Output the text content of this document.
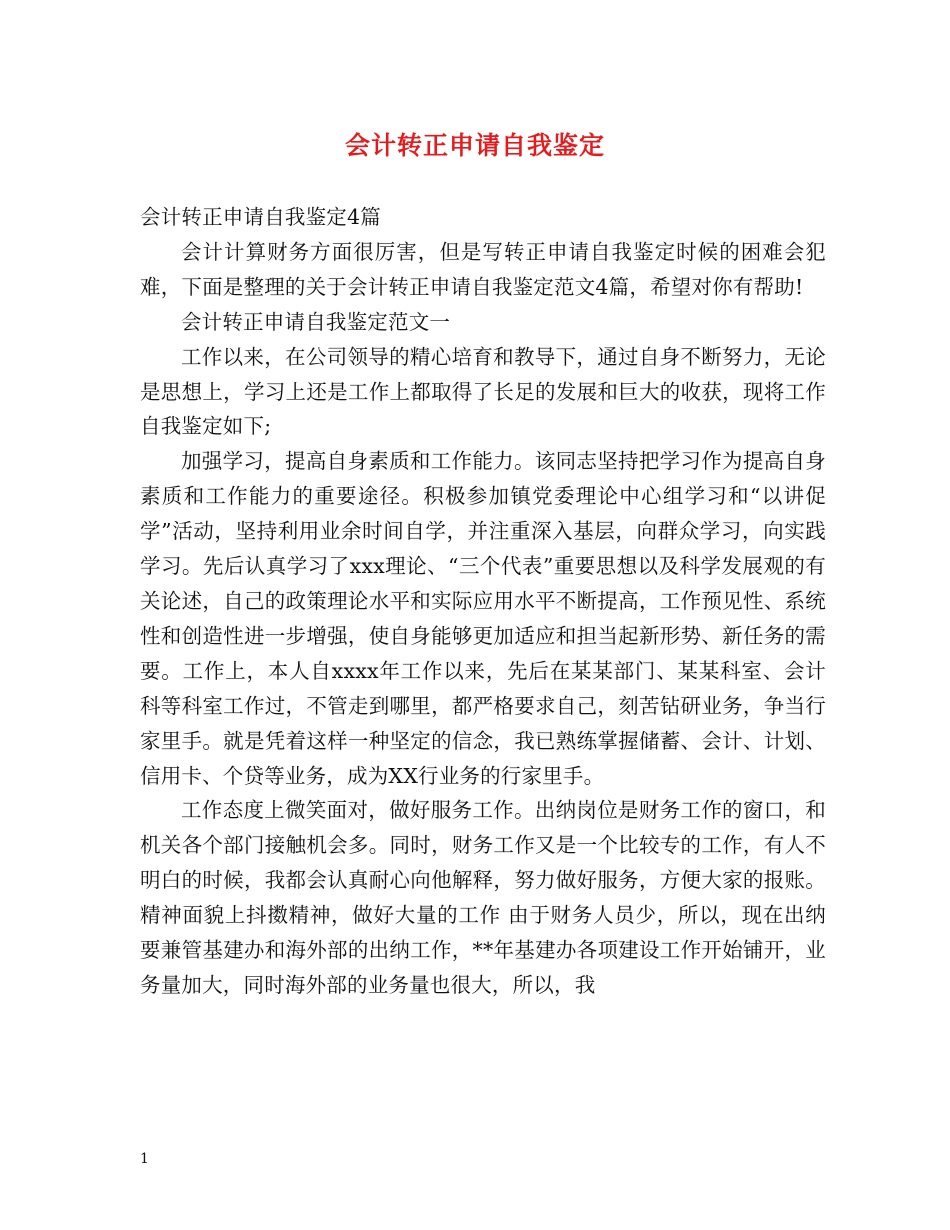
会计转正申请自我鉴定

会计转正申请自我鉴定4篇

会计计算财务方面很厉害，但是写转正申请自我鉴定时候的困难会犯难，下面是整理的关于会计转正申请自我鉴定范文4篇，希望对你有帮助!

会计转正申请自我鉴定范文一

工作以来，在公司领导的精心培育和教导下，通过自身不断努力，无论是思想上，学习上还是工作上都取得了长足的发展和巨大的收获，现将工作自我鉴定如下;

加强学习，提高自身素质和工作能力。该同志坚持把学习作为提高自身素质和工作能力的重要途径。积极参加镇党委理论中心组学习和“以讲促学”活动，坚持利用业余时间自学，并注重深入基层，向群众学习，向实践学习。先后认真学习了xxx理论、“三个代表”重要思想以及科学发展观的有关论述，自己的政策理论水平和实际应用水平不断提高，工作预见性、系统性和创造性进一步增强，使自身能够更加适应和担当起新形势、新任务的需要。工作上，本人自xxxx年工作以来，先后在某某部门、某某科室、会计科等科室工作过，不管走到哪里，都严格要求自己，刻苦钻研业务，争当行家里手。就是凭着这样一种坚定的信念，我已熟练掌握储蓄、会计、计划、信用卡、个贷等业务，成为XX行业务的行家里手。

工作态度上微笑面对，做好服务工作。出纳岗位是财务工作的窗口，和机关各个部门接触机会多。同时，财务工作又是一个比较专的工作，有人不明白的时候，我都会认真耐心向他解释，努力做好服务，方便大家的报账。 精神面貌上抖擞精神，做好大量的工作 由于财务人员少，所以，现在出纳要兼管基建办和海外部的出纳工作，**年基建办各项建设工作开始铺开，业务量加大，同时海外部的业务量也很大，所以，我

1
